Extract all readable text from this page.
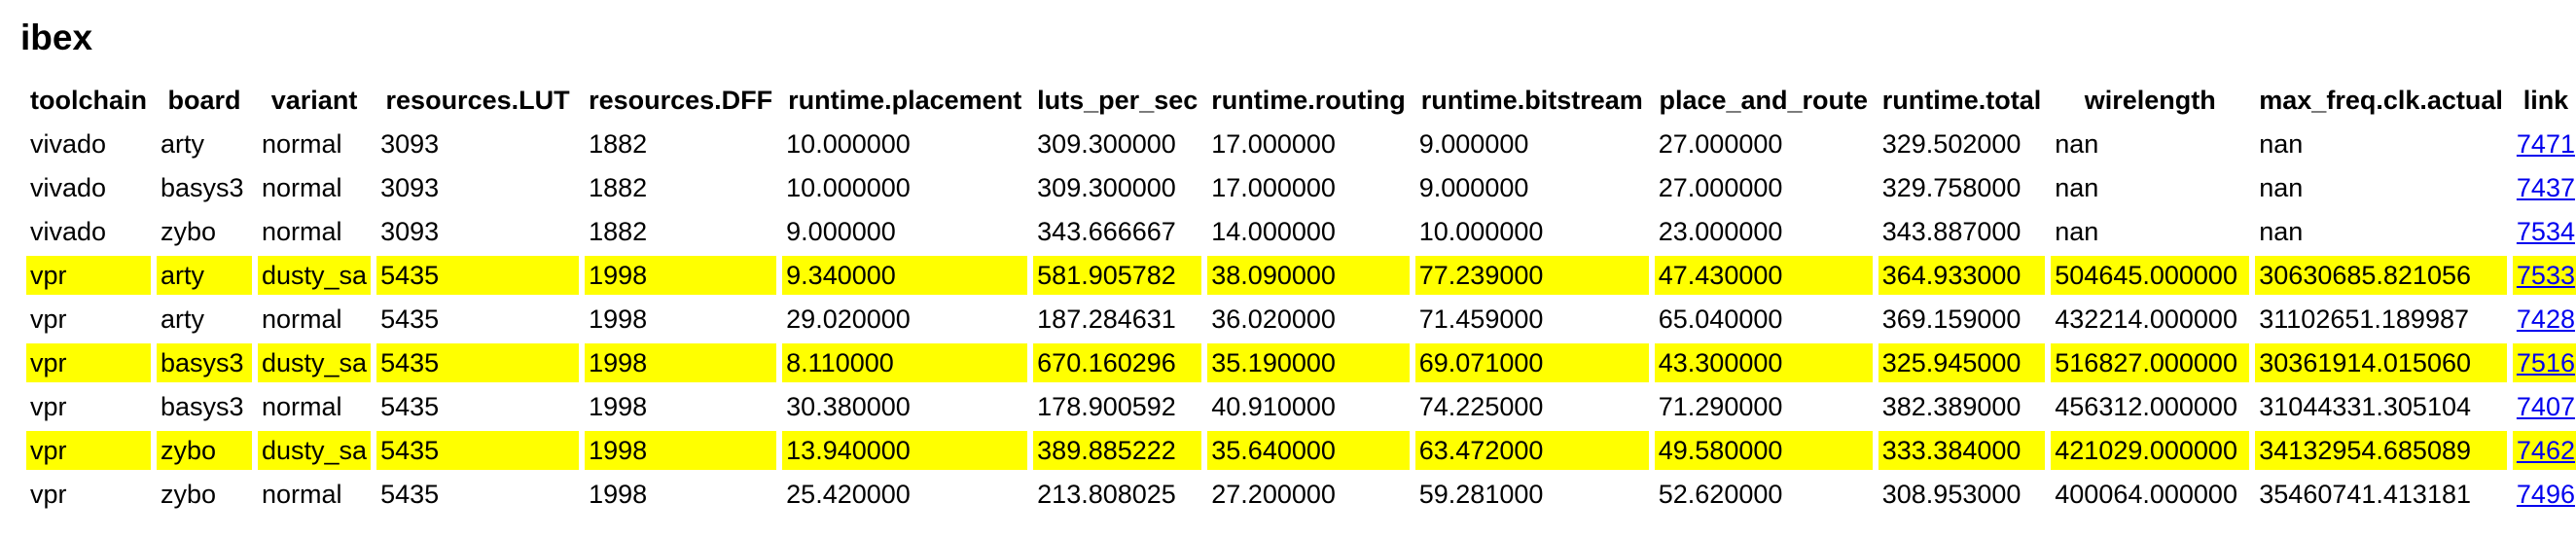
ibex
toolchain	board	variant	resources.LUT	resources.DFF	runtime.placement	luts_per_sec	runtime.routing	runtime.bitstream	place_and_route	runtime.total	wirelength	max_freq.clk.actual	link
vivado	arty	normal	3093	1882	10.000000	309.300000	17.000000	9.000000	27.000000	329.502000	nan	nan	7471
vivado	basys3	normal	3093	1882	10.000000	309.300000	17.000000	9.000000	27.000000	329.758000	nan	nan	7437
vivado	zybo	normal	3093	1882	9.000000	343.666667	14.000000	10.000000	23.000000	343.887000	nan	nan	7534
vpr	arty	dusty_sa	5435	1998	9.340000	581.905782	38.090000	77.239000	47.430000	364.933000	504645.000000	30630685.821056	7533
vpr	arty	normal	5435	1998	29.020000	187.284631	36.020000	71.459000	65.040000	369.159000	432214.000000	31102651.189987	7428
vpr	basys3	dusty_sa	5435	1998	8.110000	670.160296	35.190000	69.071000	43.300000	325.945000	516827.000000	30361914.015060	7516
vpr	basys3	normal	5435	1998	30.380000	178.900592	40.910000	74.225000	71.290000	382.389000	456312.000000	31044331.305104	7407
vpr	zybo	dusty_sa	5435	1998	13.940000	389.885222	35.640000	63.472000	49.580000	333.384000	421029.000000	34132954.685089	7462
vpr	zybo	normal	5435	1998	25.420000	213.808025	27.200000	59.281000	52.620000	308.953000	400064.000000	35460741.413181	7496
